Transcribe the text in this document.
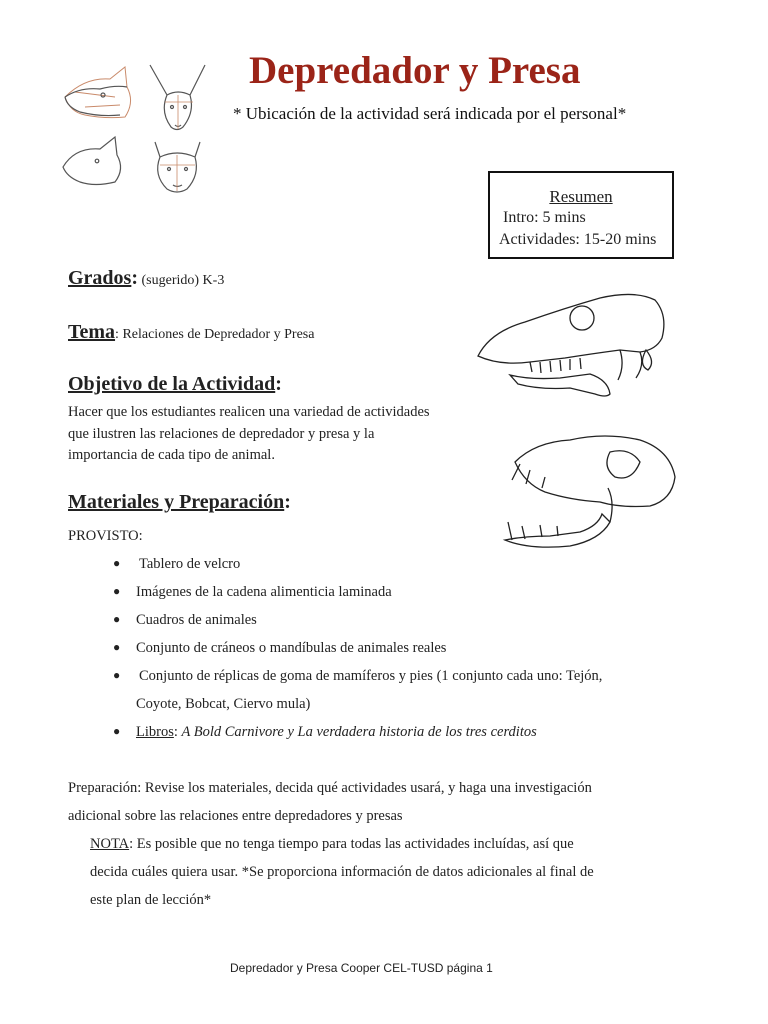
Depredador y Presa
* Ubicación de la actividad será indicada por el personal*
Resumen
Intro: 5 mins
Actividades: 15-20 mins
Grados: (sugerido) K-3
Tema: Relaciones de Depredador y Presa
Objetivo de la Actividad:
Hacer que los estudiantes realicen una variedad de actividades que ilustren las relaciones de depredador y presa y la importancia de cada tipo de animal.
Materiales y Preparación:
PROVISTO:
● Tablero de velcro
● Imágenes de la cadena alimenticia laminada
● Cuadros de animales
● Conjunto de cráneos o mandíbulas de animales reales
● Conjunto de réplicas de goma de mamíferos y pies (1 conjunto cada uno: Tejón,
Coyote, Bobcat, Ciervo mula)
● Libros: A Bold Carnivore y La verdadera historia de los tres cerditos
Preparación: Revise los materiales, decida qué actividades usará, y haga una investigación
adicional sobre las relaciones entre depredadores y presas
NOTA: Es posible que no tenga tiempo para todas las actividades incluídas, así que
decida cuáles quiera usar. *Se proporciona información de datos adicionales al final de
este plan de lección*
Depredador y Presa Cooper CEL-TUSD página 1
